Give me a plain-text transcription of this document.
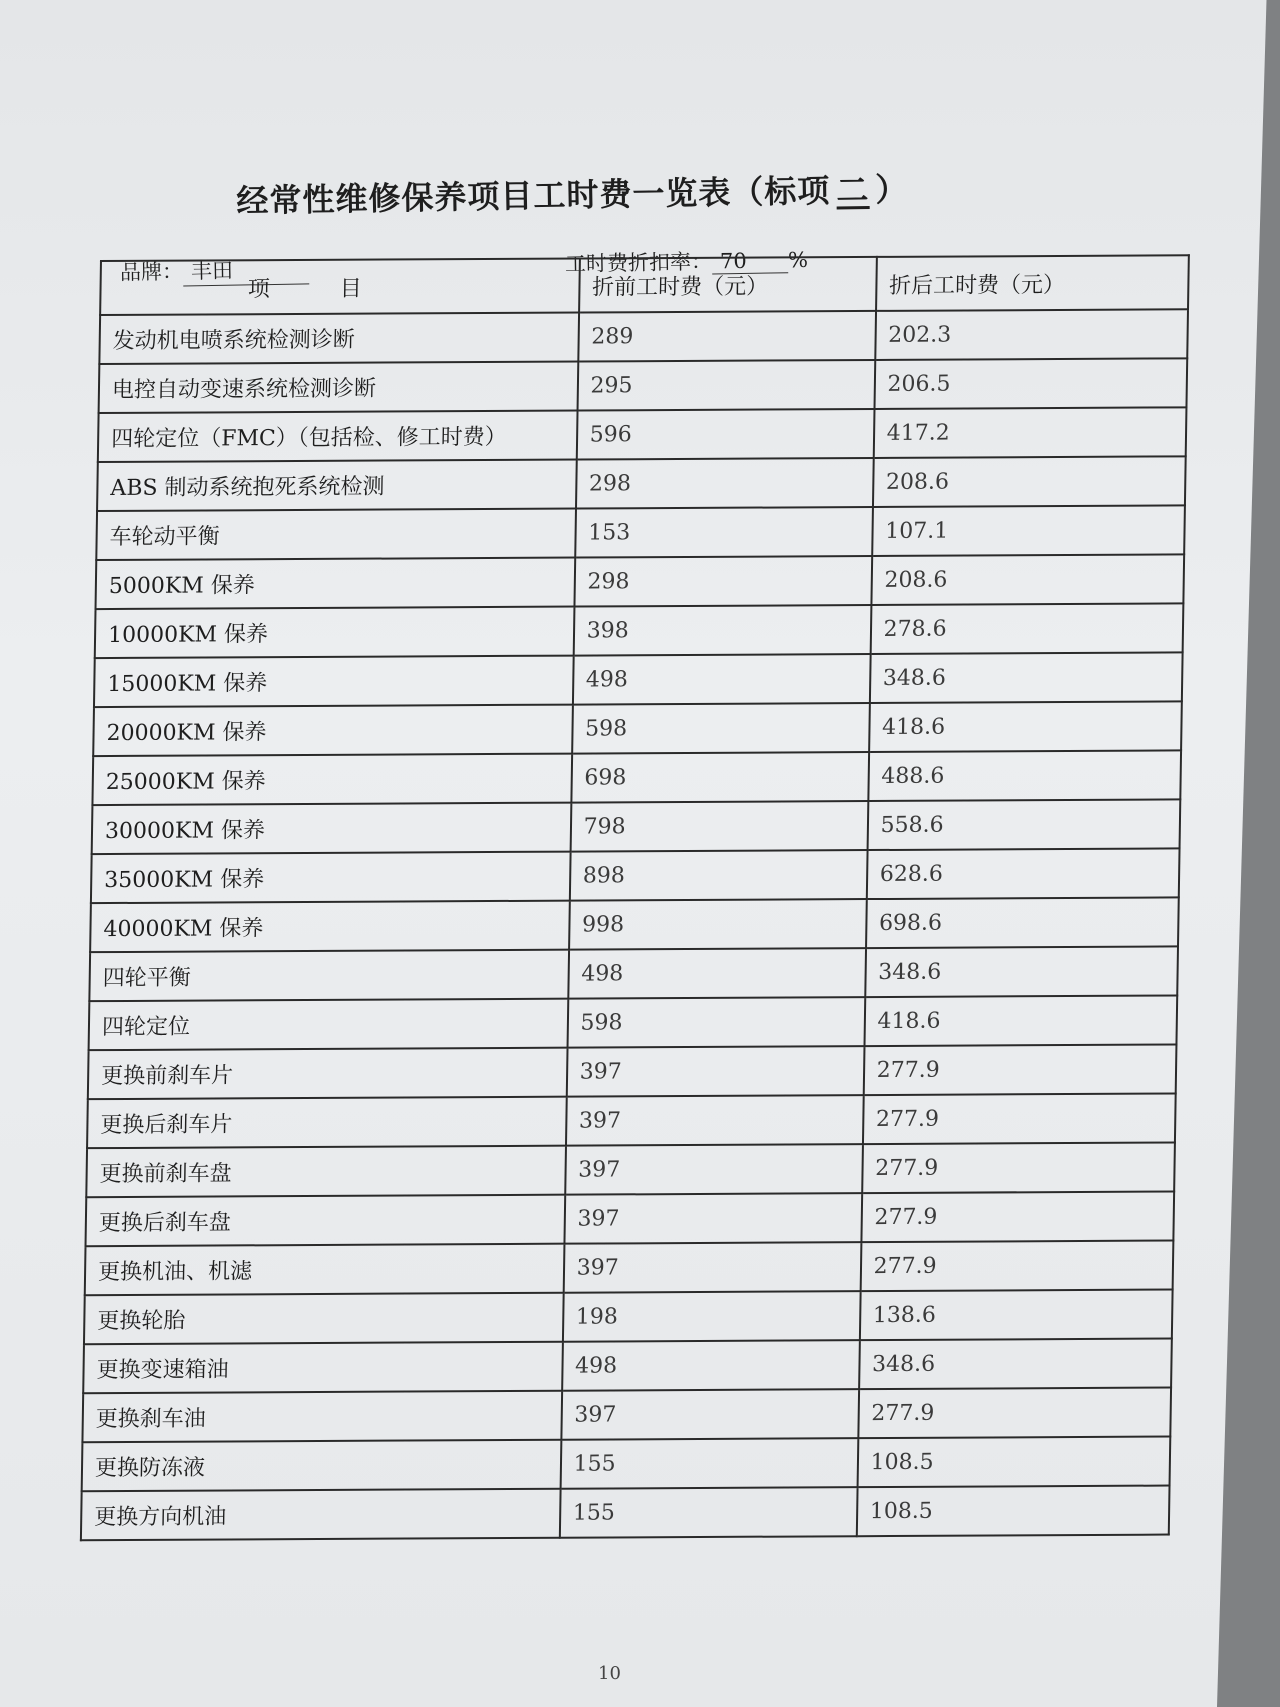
经常性维修保养项目工时费一览表（标项 二 ）
品牌： 丰田	工时费折扣率： 70 %
项目	折前工时费（元）	折后工时费（元）
发动机电喷系统检测诊断	289	202.3
电控自动变速系统检测诊断	295	206.5
四轮定位（FMC）（包括检、修工时费）	596	417.2
ABS 制动系统抱死系统检测	298	208.6
车轮动平衡	153	107.1
5000KM 保养	298	208.6
10000KM 保养	398	278.6
15000KM 保养	498	348.6
20000KM 保养	598	418.6
25000KM 保养	698	488.6
30000KM 保养	798	558.6
35000KM 保养	898	628.6
40000KM 保养	998	698.6
四轮平衡	498	348.6
四轮定位	598	418.6
更换前刹车片	397	277.9
更换后刹车片	397	277.9
更换前刹车盘	397	277.9
更换后刹车盘	397	277.9
更换机油、机滤	397	277.9
更换轮胎	198	138.6
更换变速箱油	498	348.6
更换刹车油	397	277.9
更换防冻液	155	108.5
更换方向机油	155	108.5
10
